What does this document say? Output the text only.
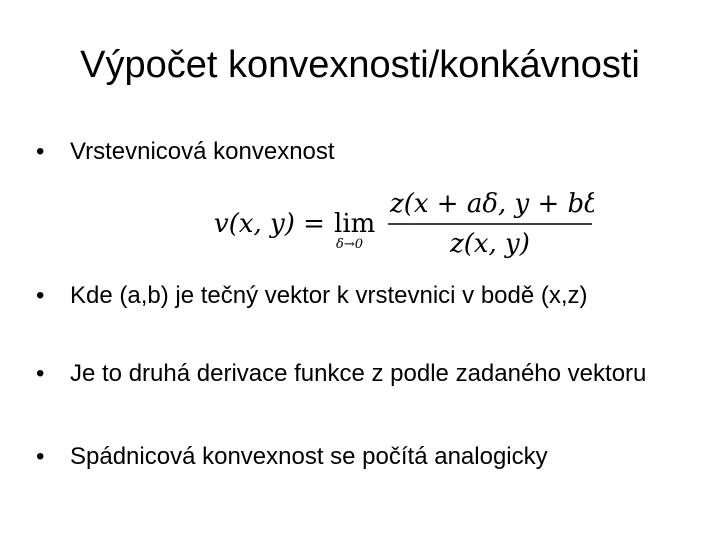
Výpočet konvexnosti/konkávnosti
•	Vrstevnicová konvexnost
v(x, y) = lim
δ→0
z(x + aδ, y + bδ)
z(x, y)
•	Kde (a,b) je tečný vektor k vrstevnici v bodě (x,z)
•	Je to druhá derivace funkce z podle zadaného vektoru
•	Spádnicová konvexnost se počítá analogicky
